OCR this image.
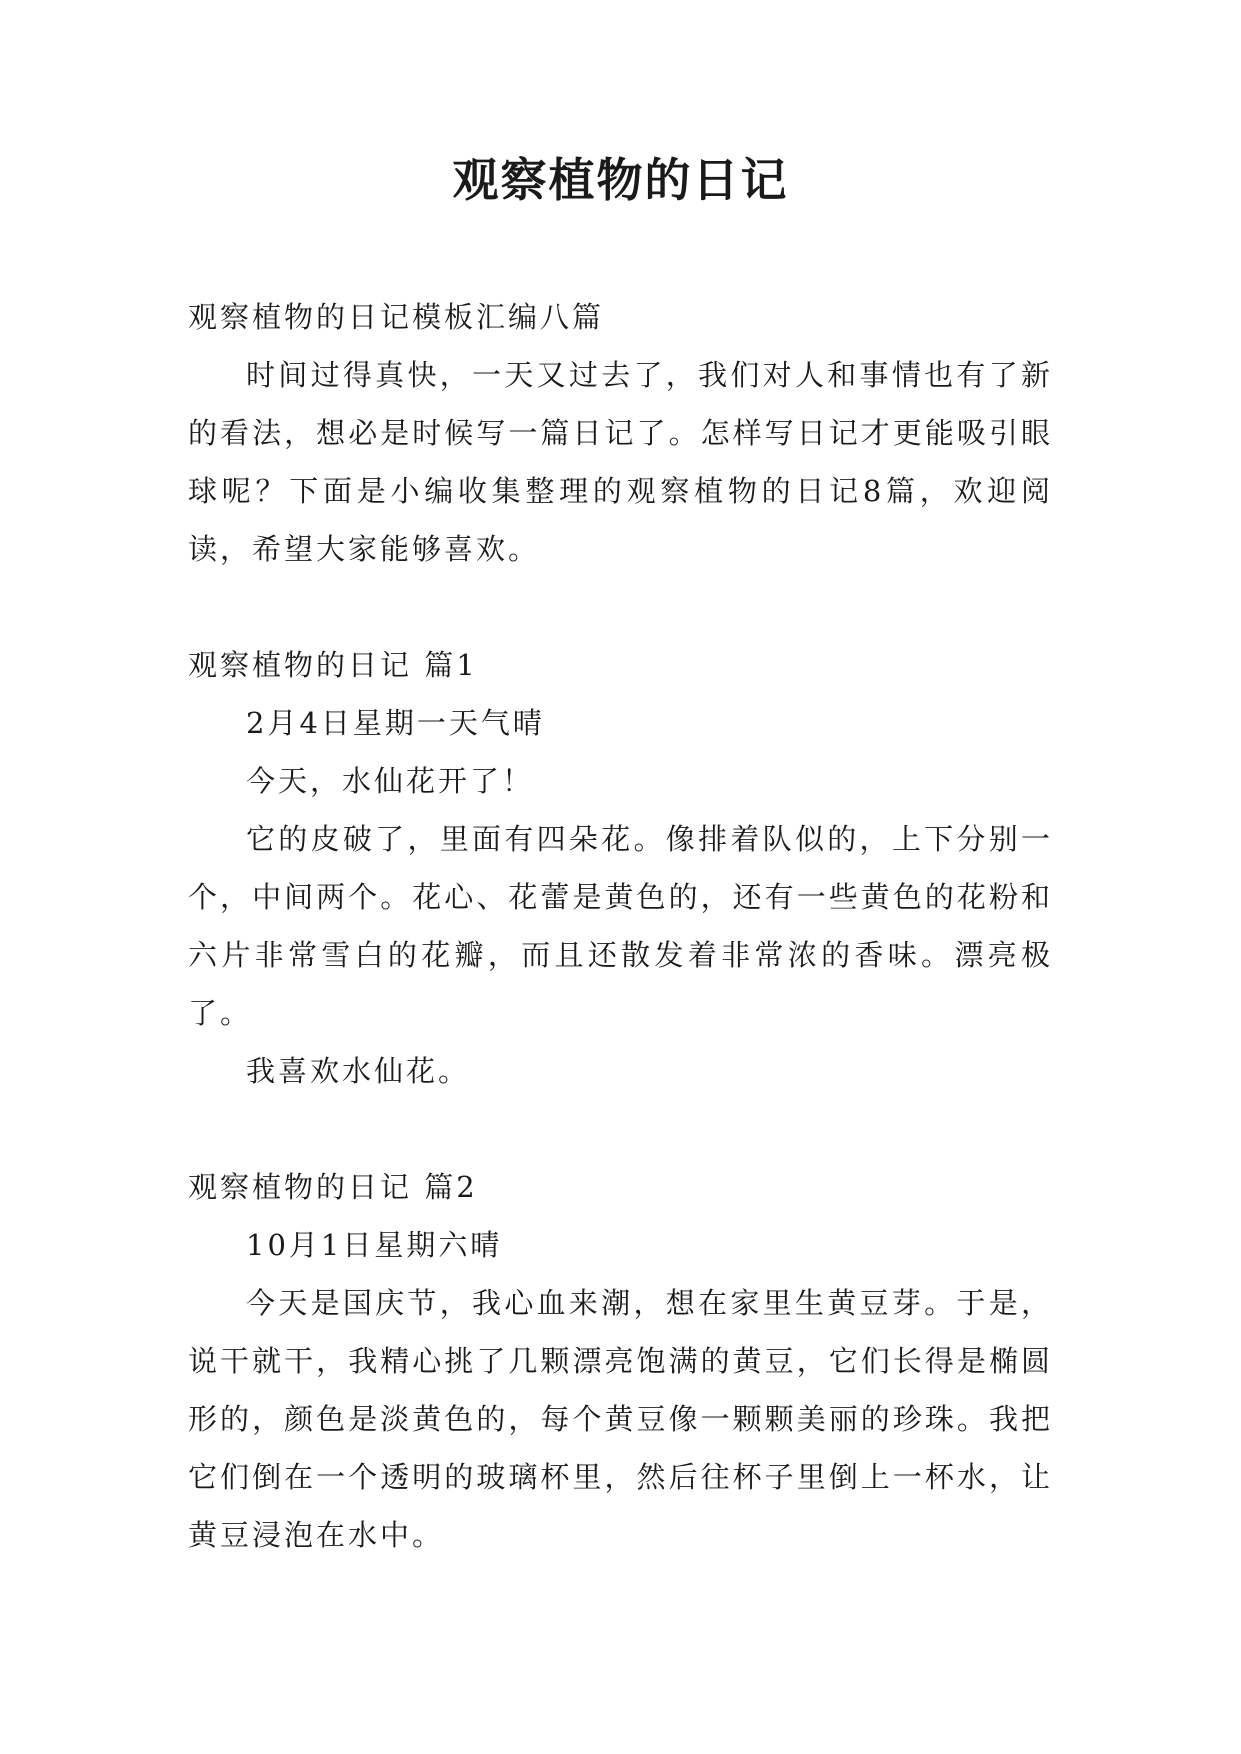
观察植物的日记

观察植物的日记模板汇编八篇

时间过得真快，一天又过去了，我们对人和事情也有了新的看法，想必是时候写一篇日记了。怎样写日记才更能吸引眼球呢？下面是小编收集整理的观察植物的日记8篇，欢迎阅读，希望大家能够喜欢。

观察植物的日记 篇1

2月4日星期一天气晴

今天，水仙花开了！

它的皮破了，里面有四朵花。像排着队似的，上下分别一个，中间两个。花心、花蕾是黄色的，还有一些黄色的花粉和六片非常雪白的花瓣，而且还散发着非常浓的香味。漂亮极了。

我喜欢水仙花。

观察植物的日记 篇2

10月1日星期六晴

今天是国庆节，我心血来潮，想在家里生黄豆芽。于是，说干就干，我精心挑了几颗漂亮饱满的黄豆，它们长得是椭圆形的，颜色是淡黄色的，每个黄豆像一颗颗美丽的珍珠。我把它们倒在一个透明的玻璃杯里，然后往杯子里倒上一杯水，让黄豆浸泡在水中。
